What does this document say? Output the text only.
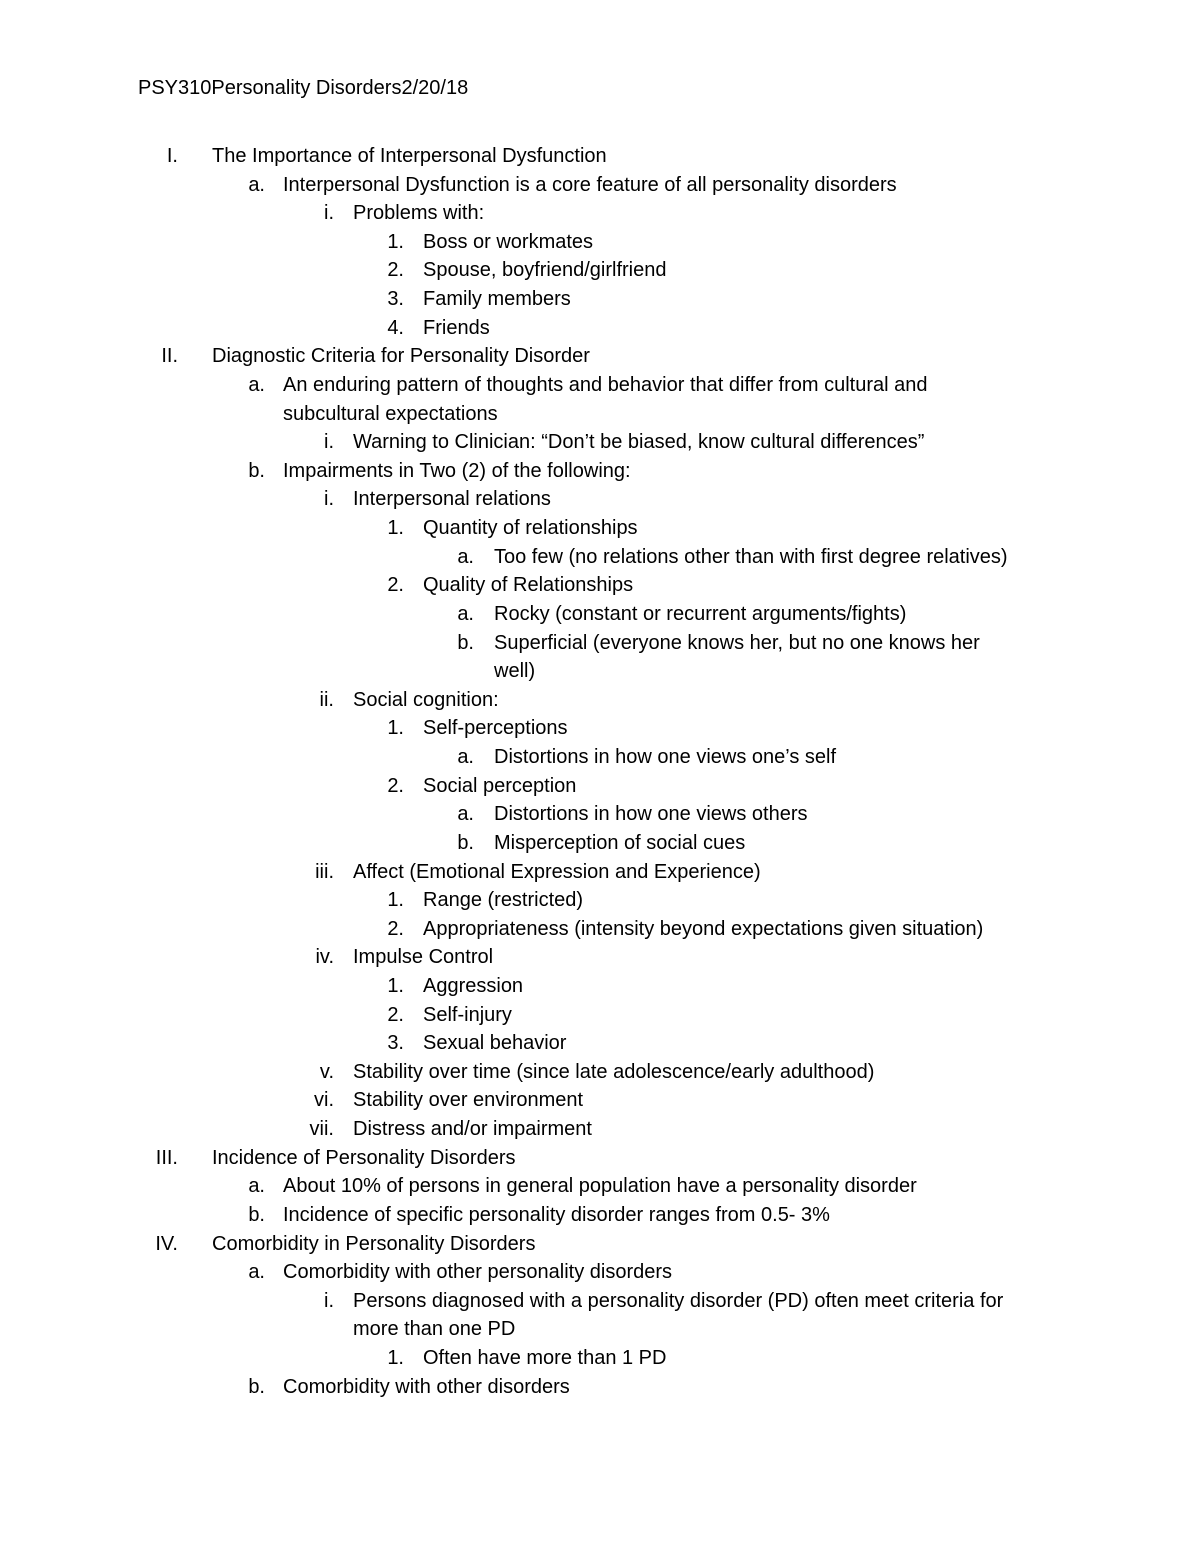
PSY310Personality Disorders2/20/18
I. The Importance of Interpersonal Dysfunction
a. Interpersonal Dysfunction is a core feature of all personality disorders
i. Problems with:
1. Boss or workmates
2. Spouse, boyfriend/girlfriend
3. Family members
4. Friends
II. Diagnostic Criteria for Personality Disorder
a. An enduring pattern of thoughts and behavior that differ from cultural and
subcultural expectations
i. Warning to Clinician: “Don’t be biased, know cultural differences”
b. Impairments in Two (2) of the following:
i. Interpersonal relations
1. Quantity of relationships
a. Too few (no relations other than with first degree relatives)
2. Quality of Relationships
a. Rocky (constant or recurrent arguments/fights)
b. Superficial (everyone knows her, but no one knows her
well)
ii. Social cognition:
1. Self-perceptions
a. Distortions in how one views one’s self
2. Social perception
a. Distortions in how one views others
b. Misperception of social cues
iii. Affect (Emotional Expression and Experience)
1. Range (restricted)
2. Appropriateness (intensity beyond expectations given situation)
iv. Impulse Control
1. Aggression
2. Self-injury
3. Sexual behavior
v. Stability over time (since late adolescence/early adulthood)
vi. Stability over environment
vii. Distress and/or impairment
III. Incidence of Personality Disorders
a. About 10% of persons in general population have a personality disorder
b. Incidence of specific personality disorder ranges from 0.5- 3%
IV. Comorbidity in Personality Disorders
a. Comorbidity with other personality disorders
i. Persons diagnosed with a personality disorder (PD) often meet criteria for
more than one PD
1. Often have more than 1 PD
b. Comorbidity with other disorders
